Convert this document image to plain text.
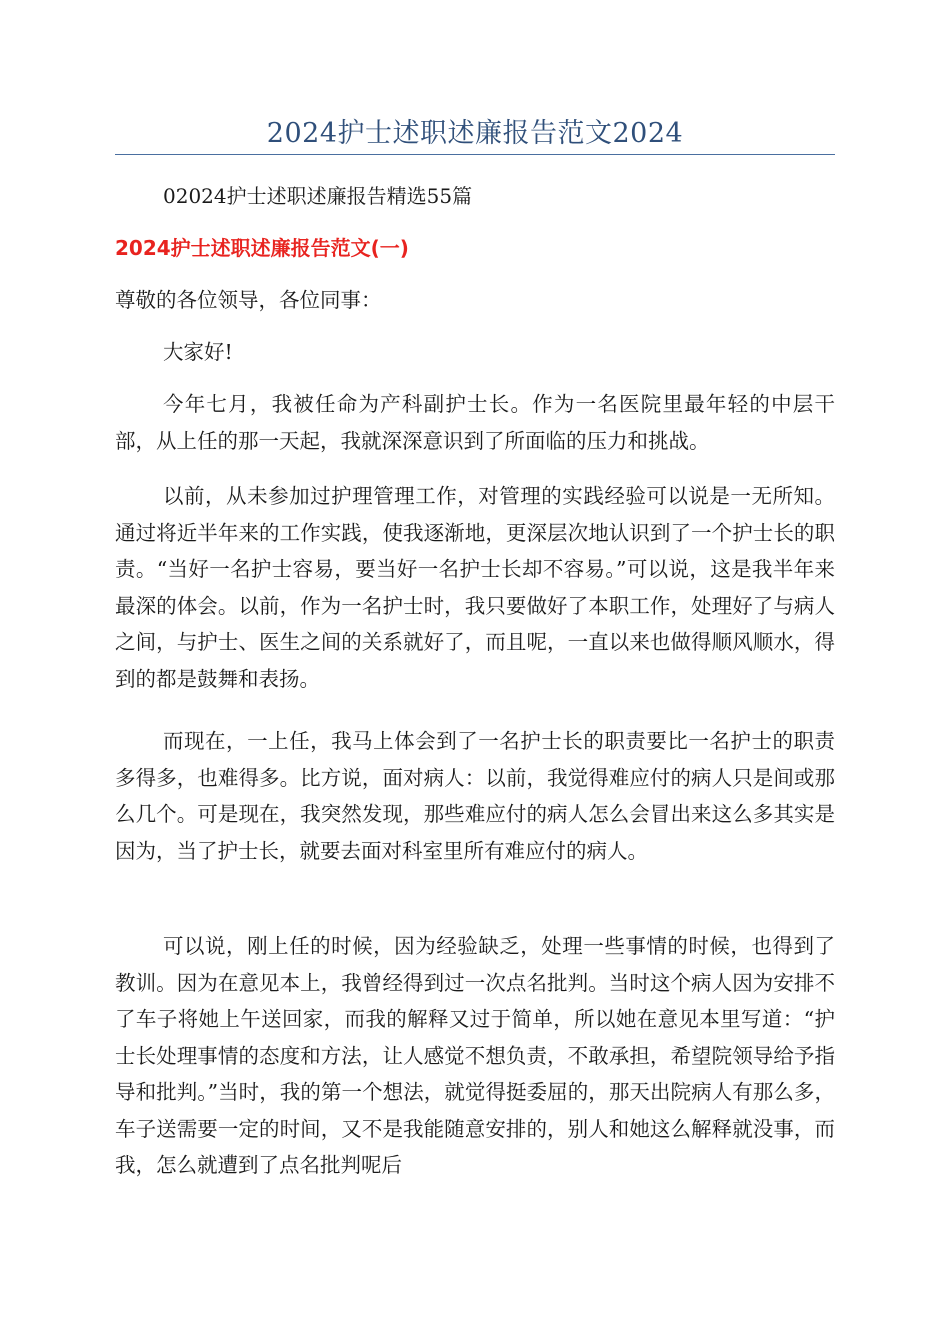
2024护士述职述廉报告范文2024

02024护士述职述廉报告精选55篇

2024护士述职述廉报告范文(一)

尊敬的各位领导，各位同事：

大家好!

今年七月，我被任命为产科副护士长。作为一名医院里最年轻的中层干部，从上任的那一天起，我就深深意识到了所面临的压力和挑战。

以前，从未参加过护理管理工作，对管理的实践经验可以说是一无所知。通过将近半年来的工作实践，使我逐渐地，更深层次地认识到了一个护士长的职责。“当好一名护士容易，要当好一名护士长却不容易。”可以说，这是我半年来最深的体会。以前，作为一名护士时，我只要做好了本职工作，处理好了与病人之间，与护士、医生之间的关系就好了，而且呢，一直以来也做得顺风顺水，得到的都是鼓舞和表扬。

而现在，一上任，我马上体会到了一名护士长的职责要比一名护士的职责多得多，也难得多。比方说，面对病人：以前，我觉得难应付的病人只是间或那么几个。可是现在，我突然发现，那些难应付的病人怎么会冒出来这么多其实是因为，当了护士长，就要去面对科室里所有难应付的病人。

可以说，刚上任的时候，因为经验缺乏，处理一些事情的时候，也得到了教训。因为在意见本上，我曾经得到过一次点名批判。当时这个病人因为安排不了车子将她上午送回家，而我的解释又过于简单，所以她在意见本里写道：“护士长处理事情的态度和方法，让人感觉不想负责，不敢承担，希望院领导给予指导和批判。”当时，我的第一个想法，就觉得挺委屈的，那天出院病人有那么多，车子送需要一定的时间，又不是我能随意安排的，别人和她这么解释就没事，而我，怎么就遭到了点名批判呢后
